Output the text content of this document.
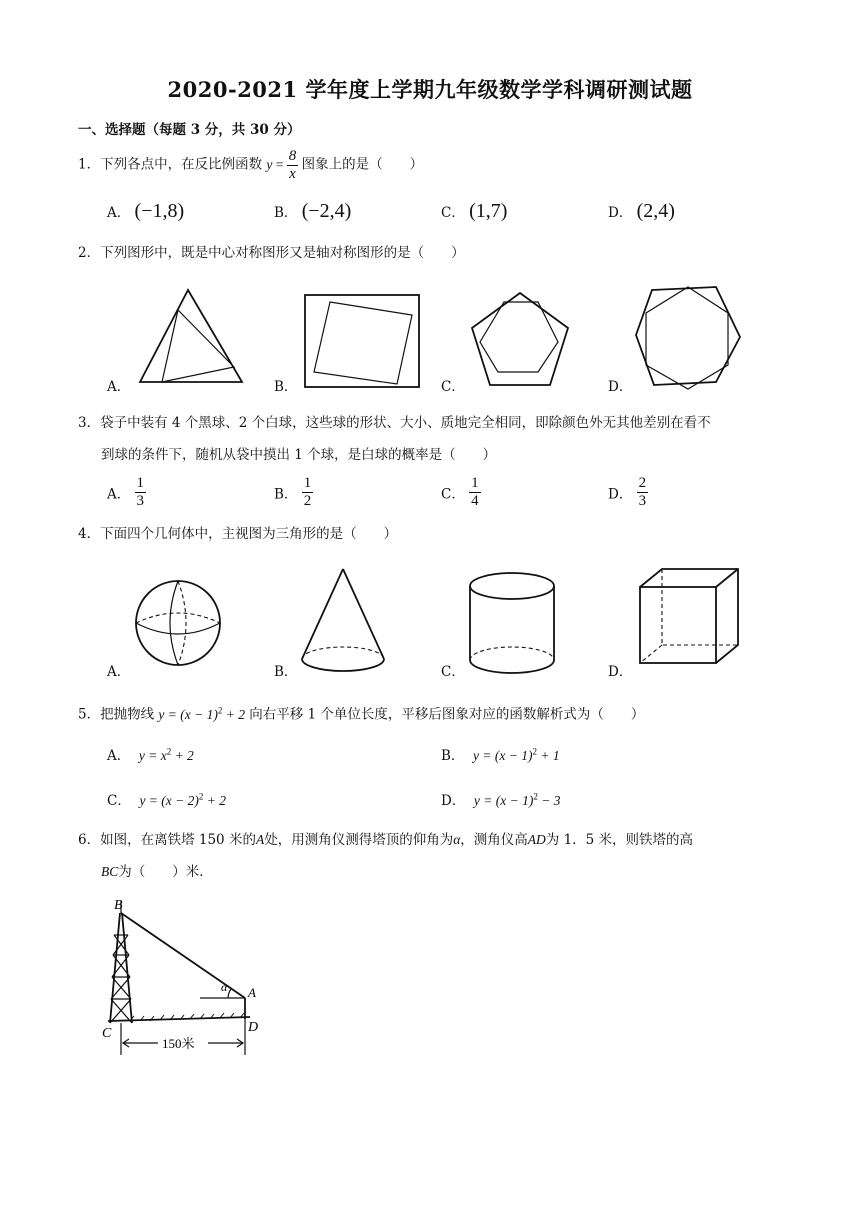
2020-2021 学年度上学期九年级数学学科调研测试题
一、选择题（每题 3 分，共 30 分）
1．下列各点中，在反比例函数 $y = \frac{8}{x}$ 图象上的是（　　）
A． (−1,8)	B． (−2,4)	C． (1,7)	D． (2,4)
2．下列图形中，既是中心对称图形又是轴对称图形的是（　　）
A．	B．	C．	D．
3．袋子中装有 4 个黑球、2 个白球，这些球的形状、大小、质地完全相同，即除颜色外无其他差别在看不
到球的条件下，随机从袋中摸出 1 个球，是白球的概率是（　　）
A． $\frac{1}{3}$	B． $\frac{1}{2}$	C． $\frac{1}{4}$	D． $\frac{2}{3}$
4．下面四个几何体中，主视图为三角形的是（　　）
A．	B．	C．	D．
5．把抛物线 $y = (x - 1)^2 + 2$ 向右平移 1 个单位长度，平移后图象对应的函数解析式为（　　）
A． $y = x^2 + 2$	B． $y = (x - 1)^2 + 1$
C． $y = (x - 2)^2 + 2$	D． $y = (x - 1)^2 - 3$
6．如图，在离铁塔 150 米的A处，用测角仪测得塔顶的仰角为α，测角仪高AD为 1．5 米，则铁塔的高
BC为（　　）米．
B
C	D
A
α
150米
